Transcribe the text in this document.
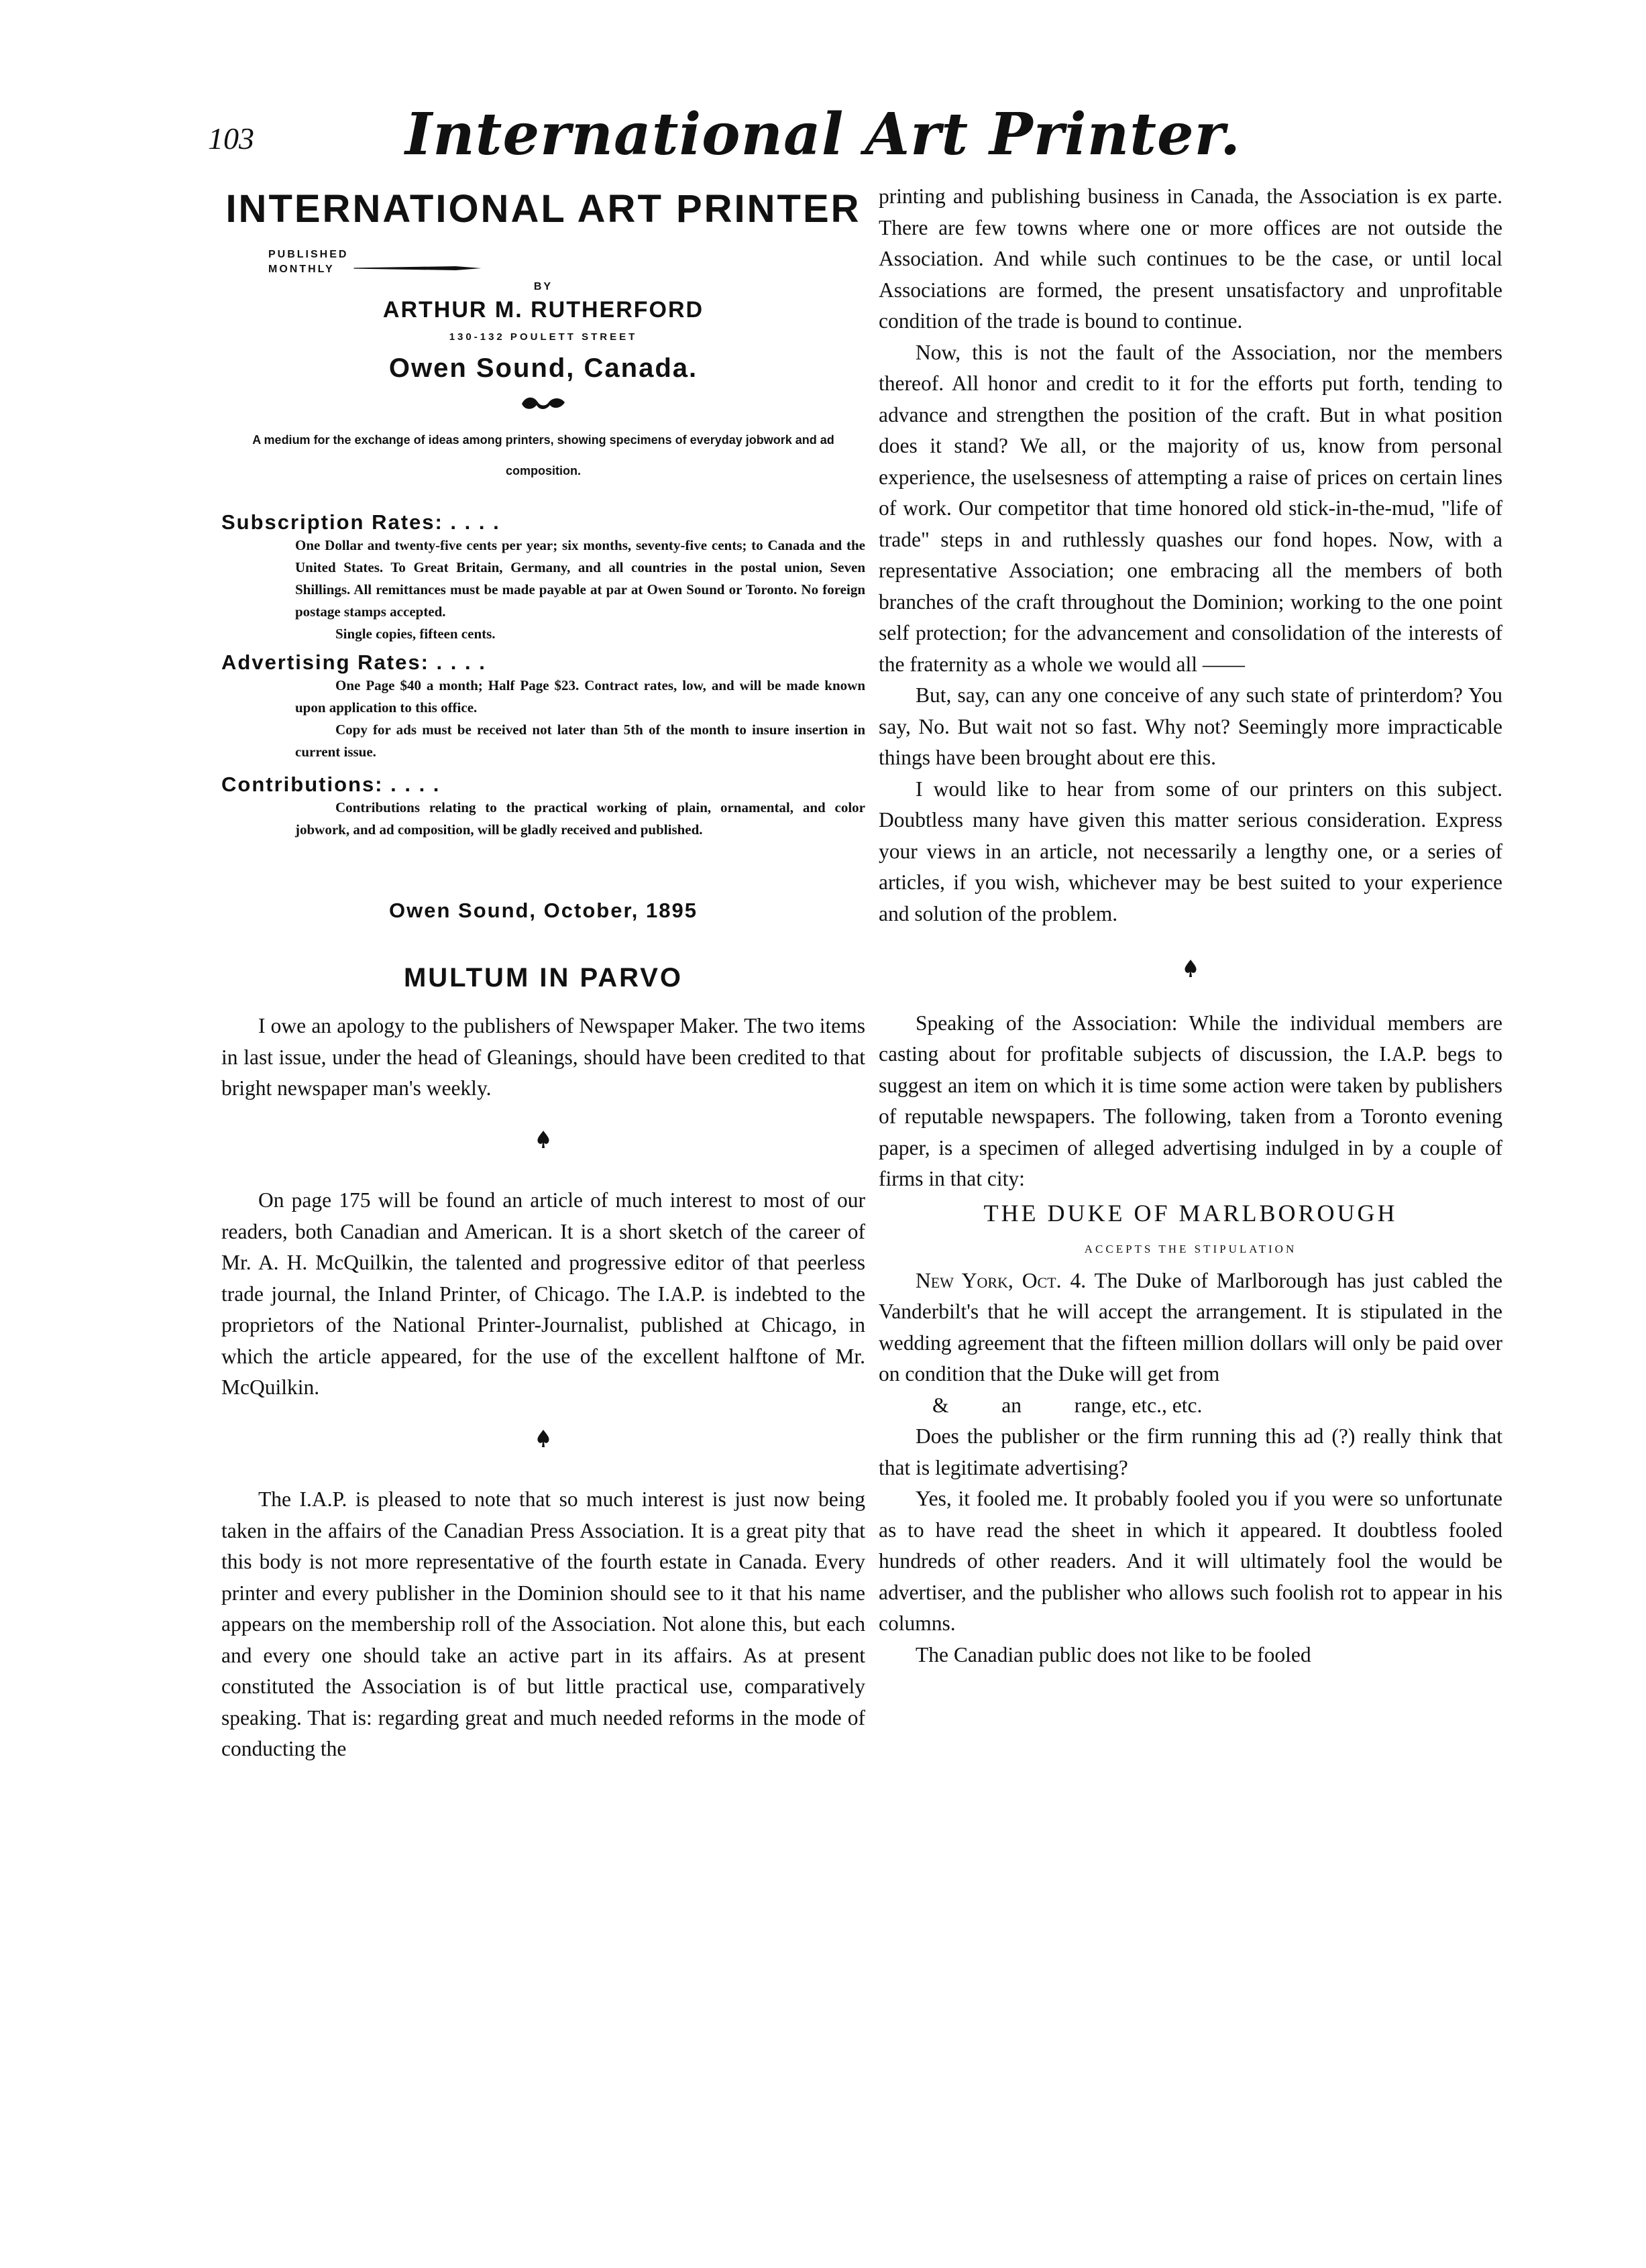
103	International Art Printer.
INTERNATIONAL ART PRINTER
PUBLISHED
MONTHLY
BY
ARTHUR M. RUTHERFORD
130-132 POULETT STREET
Owen Sound, Canada.
A medium for the exchange of ideas among printers, showing specimens of everyday jobwork and ad composition.
Subscription Rates: . . . .
One Dollar and twenty-five cents per year; six months, seventy-five cents; to Canada and the United States. To Great Britain, Germany, and all countries in the postal union, Seven Shillings. All remittances must be made payable at par at Owen Sound or Toronto. No foreign postage stamps accepted.
Single copies, fifteen cents.
Advertising Rates: . . . .
One Page $40 a month; Half Page $23. Contract rates, low, and will be made known upon application to this office.
Copy for ads must be received not later than 5th of the month to insure insertion in current issue.
Contributions: . . . .
Contributions relating to the practical working of plain, ornamental, and color jobwork, and ad composition, will be gladly received and published.
Owen Sound, October, 1895
MULTUM IN PARVO

I owe an apology to the publishers of Newspaper Maker. The two items in last issue, under the head of Gleanings, should have been credited to that bright newspaper man's weekly.

On page 175 will be found an article of much interest to most of our readers, both Canadian and American. It is a short sketch of the career of Mr. A. H. McQuilkin, the talented and progressive editor of that peerless trade journal, the Inland Printer, of Chicago. The I.A.P. is indebted to the proprietors of the National Printer-Journalist, published at Chicago, in which the article appeared, for the use of the excellent halftone of Mr. McQuilkin.

The I.A.P. is pleased to note that so much interest is just now being taken in the affairs of the Canadian Press Association. It is a great pity that this body is not more representative of the fourth estate in Canada. Every printer and every publisher in the Dominion should see to it that his name appears on the membership roll of the Association. Not alone this, but each and every one should take an active part in its affairs. As at present constituted the Association is of but little practical use, comparatively speaking. That is: regarding great and much needed reforms in the mode of conducting the

printing and publishing business in Canada, the Association is ex parte. There are few towns where one or more offices are not outside the Association. And while such continues to be the case, or until local Associations are formed, the present unsatisfactory and unprofitable condition of the trade is bound to continue.

Now, this is not the fault of the Association, nor the members thereof. All honor and credit to it for the efforts put forth, tending to advance and strengthen the position of the craft. But in what position does it stand? We all, or the majority of us, know from personal experience, the uselsesness of attempting a raise of prices on certain lines of work. Our competitor that time honored old stick-in-the-mud, "life of trade" steps in and ruthlessly quashes our fond hopes. Now, with a representative Association; one embracing all the members of both branches of the craft throughout the Dominion; working to the one point self protection; for the advancement and consolidation of the interests of the fraternity as a whole we would all ——

But, say, can any one conceive of any such state of printerdom? You say, No. But wait not so fast. Why not? Seemingly more impracticable things have been brought about ere this.

I would like to hear from some of our printers on this subject. Doubtless many have given this matter serious consideration. Express your views in an article, not necessarily a lengthy one, or a series of articles, if you wish, whichever may be best suited to your experience and solution of the problem.

Speaking of the Association: While the individual members are casting about for profitable subjects of discussion, the I.A.P. begs to suggest an item on which it is time some action were taken by publishers of reputable newspapers. The following, taken from a Toronto evening paper, is a specimen of alleged advertising indulged in by a couple of firms in that city:

THE DUKE OF MARLBOROUGH
ACCEPTS THE STIPULATION

New York, Oct. 4. The Duke of Marlborough has just cabled the Vanderbilt's that he will accept the arrangement. It is stipulated in the wedding agreement that the fifteen million dollars will only be paid over on condition that the Duke will get from

&          an          range, etc., etc.

Does the publisher or the firm running this ad (?) really think that that is legitimate advertising?

Yes, it fooled me. It probably fooled you if you were so unfortunate as to have read the sheet in which it appeared. It doubtless fooled hundreds of other readers. And it will ultimately fool the would be advertiser, and the publisher who allows such foolish rot to appear in his columns.

The Canadian public does not like to be fooled
